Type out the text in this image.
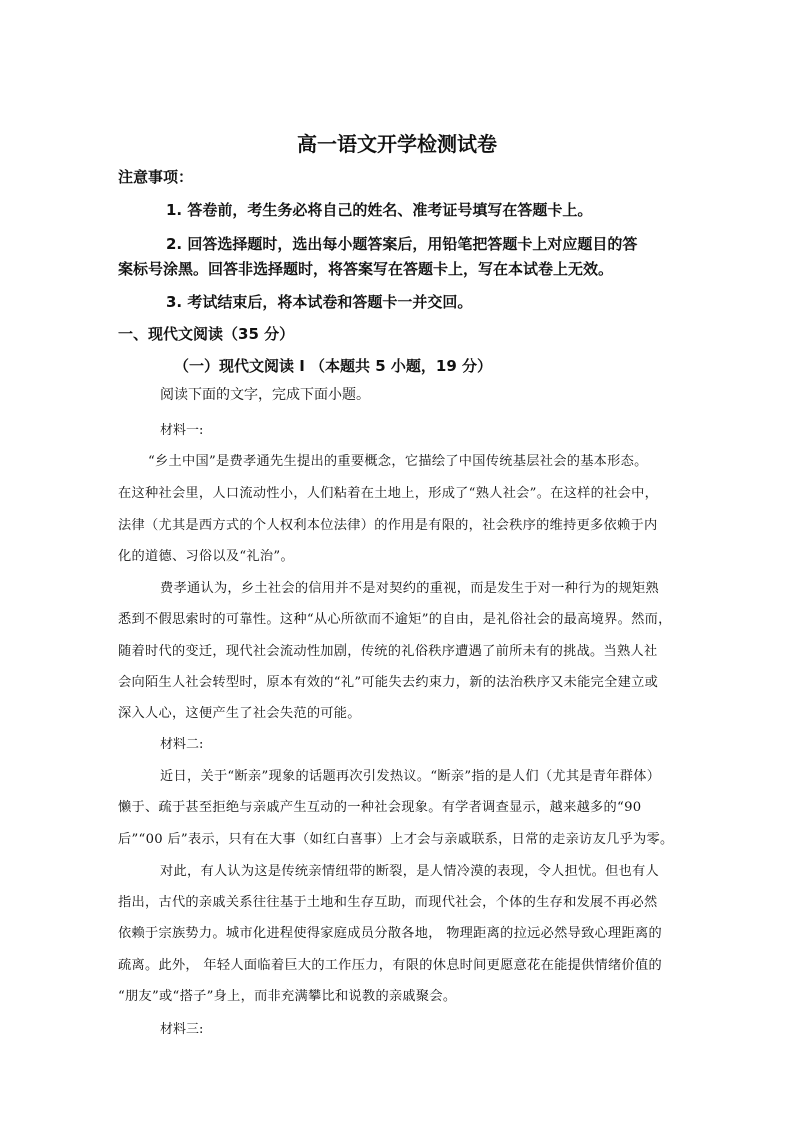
高一语文开学检测试卷
注意事项：
1. 答卷前，考生务必将自己的姓名、准考证号填写在答题卡上。
2. 回答选择题时，选出每小题答案后，用铅笔把答题卡上对应题目的答
案标号涂黑。回答非选择题时，将答案写在答题卡上，写在本试卷上无效。
3. 考试结束后，将本试卷和答题卡一并交回。
一、现代文阅读（35 分）
（一）现代文阅读 I （本题共 5 小题，19 分）
阅读下面的文字，完成下面小题。
材料一:
“乡土中国”是费孝通先生提出的重要概念，它描绘了中国传统基层社会的基本形态。
在这种社会里，人口流动性小，人们粘着在土地上，形成了“熟人社会”。在这样的社会中，
法律（尤其是西方式的个人权利本位法律）的作用是有限的，社会秩序的维持更多依赖于内
化的道德、习俗以及“礼治”。
费孝通认为，乡土社会的信用并不是对契约的重视，而是发生于对一种行为的规矩熟
悉到不假思索时的可靠性。这种“从心所欲而不逾矩”的自由，是礼俗社会的最高境界。然而，
随着时代的变迁，现代社会流动性加剧，传统的礼俗秩序遭遇了前所未有的挑战。当熟人社
会向陌生人社会转型时，原本有效的“礼”可能失去约束力，新的法治秩序又未能完全建立或
深入人心，这便产生了社会失范的可能。
材料二:
近日，关于“断亲”现象的话题再次引发热议。“断亲”指的是人们（尤其是青年群体）
懒于、疏于甚至拒绝与亲戚产生互动的一种社会现象。有学者调查显示，越来越多的“90
后”“00 后”表示，只有在大事（如红白喜事）上才会与亲戚联系，日常的走亲访友几乎为零。
对此，有人认为这是传统亲情纽带的断裂，是人情冷漠的表现，令人担忧。但也有人
指出，古代的亲戚关系往往基于土地和生存互助，而现代社会，个体的生存和发展不再必然
依赖于宗族势力。城市化进程使得家庭成员分散各地， 物理距离的拉远必然导致心理距离的
疏离。此外， 年轻人面临着巨大的工作压力，有限的休息时间更愿意花在能提供情绪价值的
“朋友”或“搭子”身上，而非充满攀比和说教的亲戚聚会。
材料三:
